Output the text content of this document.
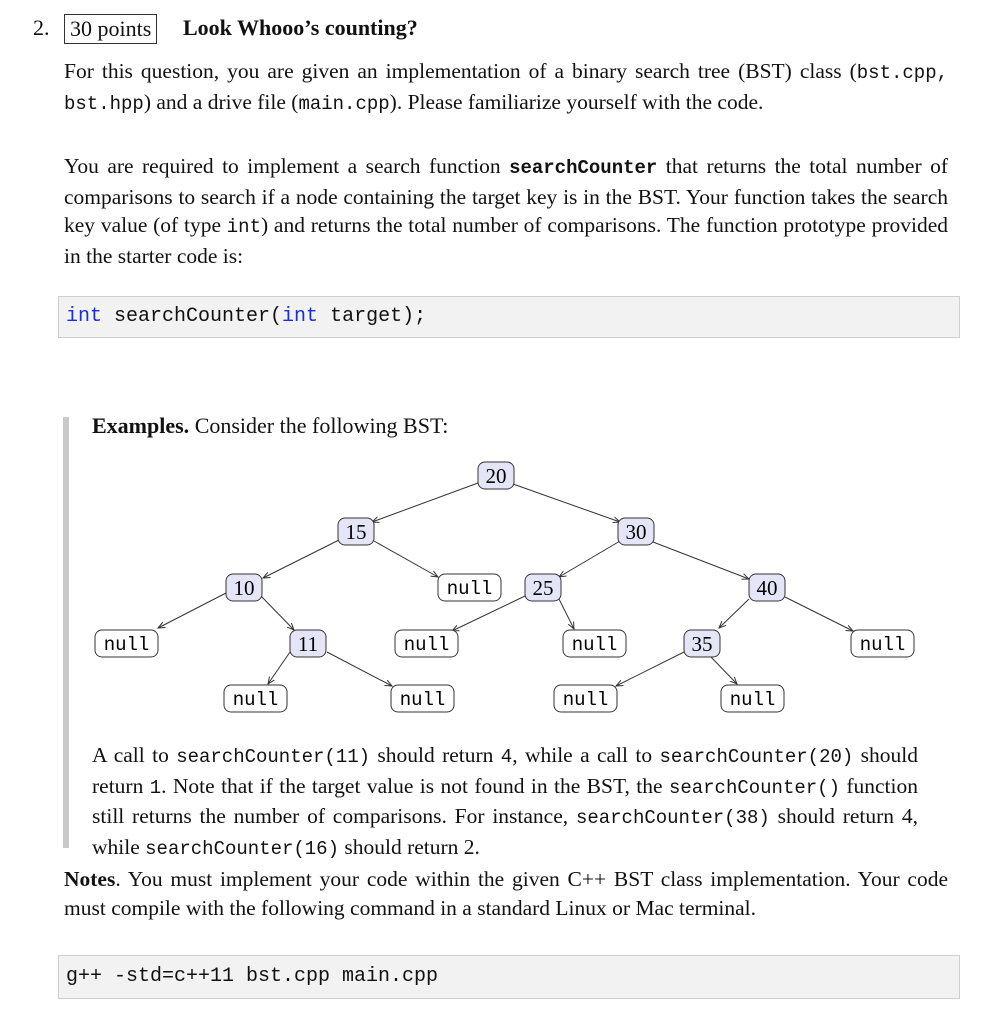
2. 30 points Look Whooo’s counting?
For this question, you are given an implementation of a binary search tree (BST) class (bst.cpp, bst.hpp) and a drive file (main.cpp). Please familiarize yourself with the code.
You are required to implement a search function searchCounter that returns the total number of comparisons to search if a node containing the target key is in the BST. Your function takes the search key value (of type int) and returns the total number of comparisons. The function prototype provided in the starter code is:
int searchCounter(int target);
Examples. Consider the following BST:
20
15	30
10	25	40
11	35
null
null
null	null	null
null	null	null	null
A call to searchCounter(11) should return 4, while a call to searchCounter(20) should return 1. Note that if the target value is not found in the BST, the searchCounter() function still returns the number of comparisons. For instance, searchCounter(38) should return 4, while searchCounter(16) should return 2.
Notes. You must implement your code within the given C++ BST class implementation. Your code must compile with the following command in a standard Linux or Mac terminal.
g++ -std=c++11 bst.cpp main.cpp
